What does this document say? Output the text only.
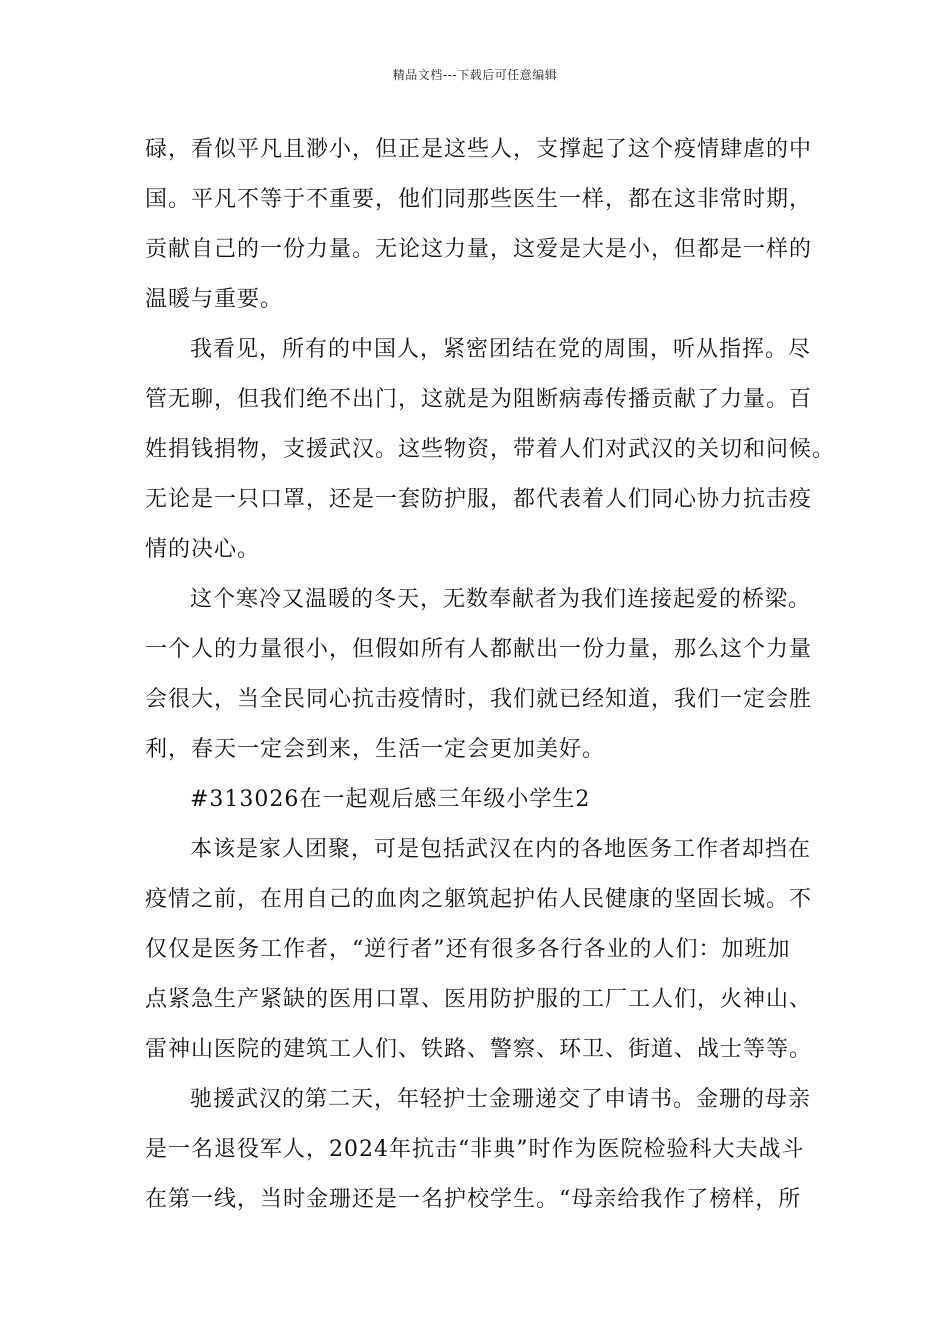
精品文档---下载后可任意编辑
碌，看似平凡且渺小，但正是这些人，支撑起了这个疫情肆虐的中
国。平凡不等于不重要，他们同那些医生一样，都在这非常时期，
贡献自己的一份力量。无论这力量，这爱是大是小，但都是一样的
温暖与重要。
我看见，所有的中国人，紧密团结在党的周围，听从指挥。尽
管无聊，但我们绝不出门，这就是为阻断病毒传播贡献了力量。百
姓捐钱捐物，支援武汉。这些物资，带着人们对武汉的关切和问候。
无论是一只口罩，还是一套防护服，都代表着人们同心协力抗击疫
情的决心。
这个寒冷又温暖的冬天，无数奉献者为我们连接起爱的桥梁。
一个人的力量很小，但假如所有人都献出一份力量，那么这个力量
会很大，当全民同心抗击疫情时，我们就已经知道，我们一定会胜
利，春天一定会到来，生活一定会更加美好。
#313026在一起观后感三年级小学生2
本该是家人团聚，可是包括武汉在内的各地医务工作者却挡在
疫情之前，在用自己的血肉之躯筑起护佑人民健康的坚固长城。不
仅仅是医务工作者，“逆行者”还有很多各行各业的人们：加班加
点紧急生产紧缺的医用口罩、医用防护服的工厂工人们，火神山、
雷神山医院的建筑工人们、铁路、警察、环卫、街道、战士等等。
驰援武汉的第二天，年轻护士金珊递交了申请书。金珊的母亲
是一名退役军人，2024年抗击“非典”时作为医院检验科大夫战斗
在第一线，当时金珊还是一名护校学生。“母亲给我作了榜样，所
